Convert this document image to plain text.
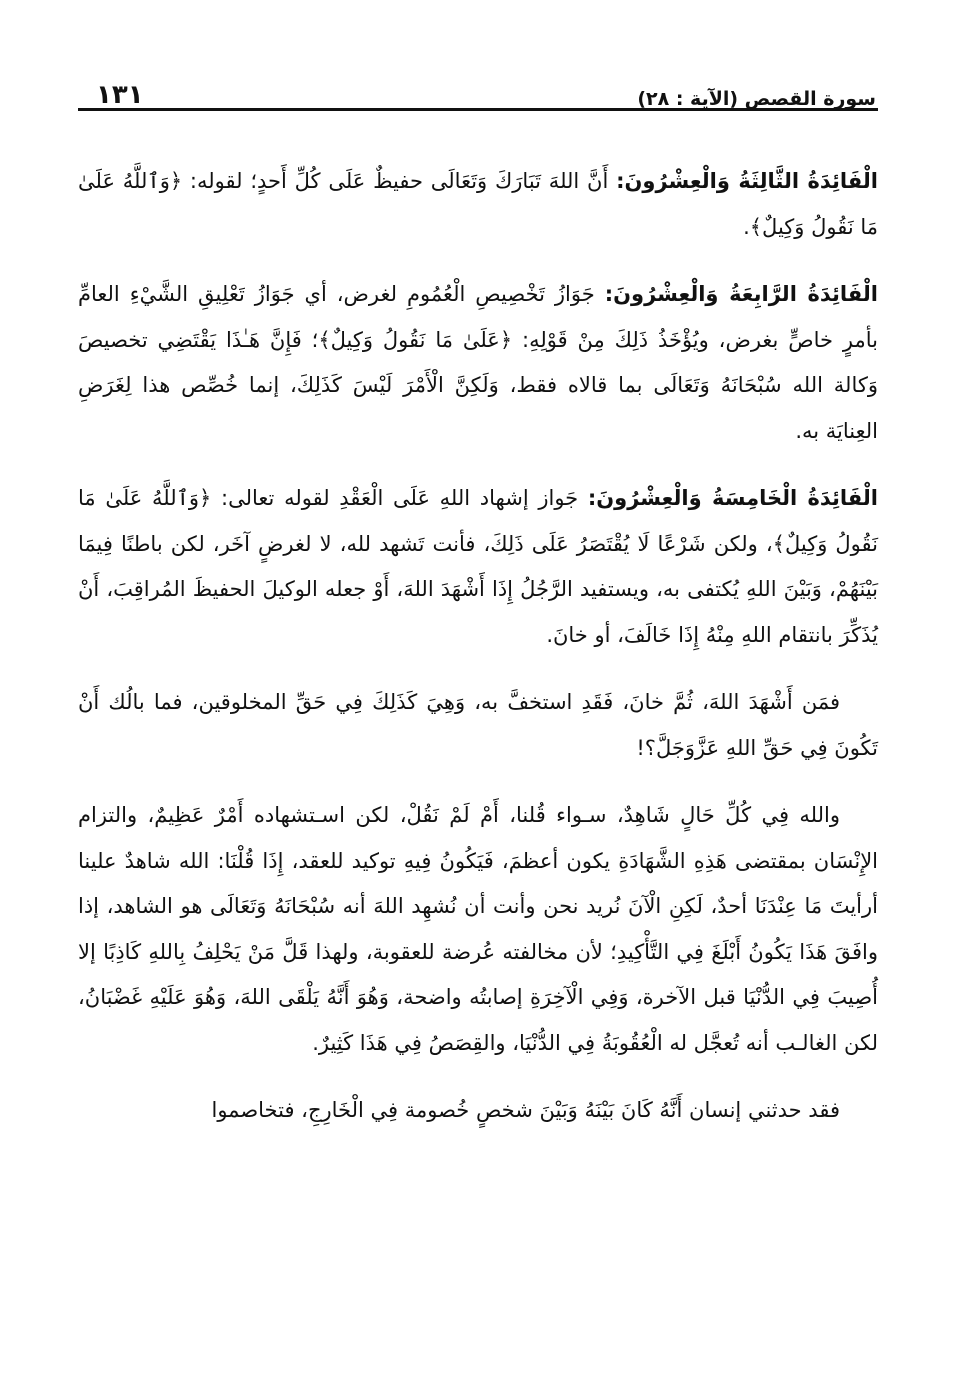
سورة القصص (الآية : ٢٨)
١٣١

الْفَائِدَةُ الثَّالِثَةُ وَالْعِشْرُونَ: أَنَّ اللهَ تَبَارَكَ وَتَعَالَى حفيظٌ عَلَى كُلِّ أَحدٍ؛ لقوله: ﴿وَٱللَّهُ عَلَىٰ مَا نَقُولُ وَكِيلٌ﴾.

الْفَائِدَةُ الرَّابِعَةُ وَالْعِشْرُونَ: جَوَازُ تَخْصِيصِ الْعُمُومِ لغرض، أي جَوَازُ تَعْلِيقِ الشَّيْءِ العامِّ بأمرٍ خاصٍّ بغرض، ويُؤْخَذُ ذَلِكَ مِنْ قَوْلِهِ: ﴿عَلَىٰ مَا نَقُولُ وَكِيلٌ﴾؛ فَإِنَّ هَـٰذَا يَقْتَضِي تخصيصَ وَكالة الله سُبْحَانَهُ وَتَعَالَى بما قالاه فقط، وَلَكِنَّ الْأَمْرَ لَيْسَ كَذَلِكَ، إنما خُصِّص هذا لِغَرَضِ العِنايَة به.

الْفَائِدَةُ الْخَامِسَةُ وَالْعِشْرُونَ: جَواز إشهاد اللهِ عَلَى الْعَقْدِ لقوله تعالى: ﴿وَٱللَّهُ عَلَىٰ مَا نَقُولُ وَكِيلٌ﴾، ولكن شَرْعًا لَا يُقْتَصَرُ عَلَى ذَلِكَ، فأنت تَشهد لله، لا لغرضٍ آخَر، لكن باطنًا فِيمَا بَيْنَهُمْ، وَبَيْنَ اللهِ يُكتفى به، ويستفيد الرَّجُلُ إِذَا أَشْهَدَ اللهَ، أَوْ جعله الوكيلَ الحفيظَ المُراقِبَ، أَنْ يُذَكِّرَ بانتقام اللهِ مِنْهُ إِذَا خَالَفَ، أو خانَ.

فمَن أَشْهَدَ اللهَ، ثُمَّ خانَ، فَقَدِ استخفَّ به، وَهِيَ كَذَلِكَ فِي حَقِّ المخلوقين، فما بالُك أَنْ تَكُونَ فِي حَقِّ اللهِ عَزَّوَجَلَّ؟!

والله فِي كُلِّ حَالٍ شَاهِدٌ، سـواء قُلنا، أَمْ لَمْ نَقُلْ، لكن اسـتشهاده أَمْرٌ عَظِيمٌ، والتزام الإِنْسَان بمقتضى هَذِهِ الشَّهَادَةِ يكون أعظمَ، فَيَكُونُ فِيهِ توكيد للعقد، إِذَا قُلْنَا: الله شاهدٌ علينا أرأيتَ مَا عِنْدَنَا أحدٌ، لَكِنِ الْآنَ نُريد نحن وأنت أن نُشهِد اللهَ أنه سُبْحَانَهُ وَتَعَالَى هو الشاهد، إذا وافَقَ هَذَا يَكُونُ أَبْلَغَ فِي التَّأْكِيدِ؛ لأن مخالفته عُرضة للعقوبة، ولهذا قَلَّ مَنْ يَحْلِفُ بِاللهِ كَاذِبًا إلا أُصِيبَ فِي الدُّنْيَا قبل الآخرة، وَفِي الْآخِرَةِ إصابتُه واضحة، وَهُوَ أَنَّهُ يَلْقَى اللهَ، وَهُوَ عَلَيْهِ غَضْبَانُ، لكن الغالـب أنه تُعجَّل له الْعُقُوبَةُ فِي الدُّنْيَا، والقِصَصُ فِي هَذَا كَثِيرٌ.

فقد حدثني إنسان أَنَّهُ كَانَ بَيْنَهُ وَبَيْنَ شخصٍ خُصومة فِي الْخَارِجِ، فتخاصموا
